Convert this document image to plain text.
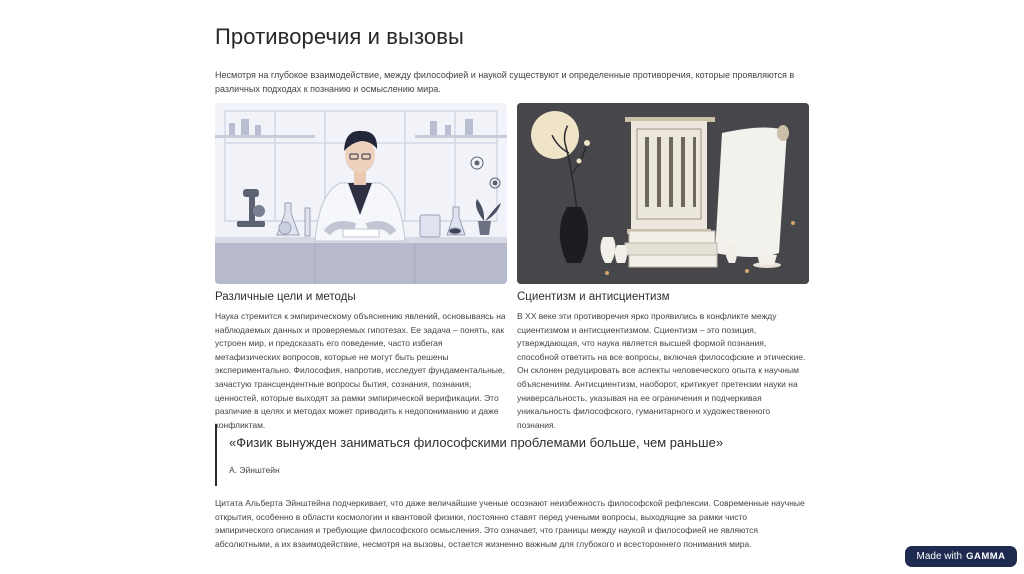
Противоречия и вызовы

Несмотря на глубокое взаимодействие, между философией и наукой существуют и определенные противоречия, которые проявляются в различных подходах к познанию и осмыслению мира.

Различные цели и методы

Наука стремится к эмпирическому объяснению явлений, основываясь на наблюдаемых данных и проверяемых гипотезах. Ее задача – понять, как устроен мир, и предсказать его поведение, часто избегая метафизических вопросов, которые не могут быть решены экспериментально. Философия, напротив, исследует фундаментальные, зачастую трансцендентные вопросы бытия, сознания, познания, ценностей, которые выходят за рамки эмпирической верификации. Это различие в целях и методах может приводить к недопониманию и даже конфликтам.

Сциентизм и антисциентизм

В XX веке эти противоречия ярко проявились в конфликте между сциентизмом и антисциентизмом. Сциентизм – это позиция, утверждающая, что наука является высшей формой познания, способной ответить на все вопросы, включая философские и этические. Он склонен редуцировать все аспекты человеческого опыта к научным объяснениям. Антисциентизм, наоборот, критикует претензии науки на универсальность, указывая на ее ограничения и подчеркивая уникальность философского, гуманитарного и художественного познания.

«Физик вынужден заниматься философскими проблемами больше, чем раньше»
А. Эйнштейн

Цитата Альберта Эйнштейна подчеркивает, что даже величайшие ученые осознают неизбежность философской рефлексии. Современные научные открытия, особенно в области космологии и квантовой физики, постоянно ставят перед учеными вопросы, выходящие за рамки чисто эмпирического описания и требующие философского осмысления. Это означает, что границы между наукой и философией не являются абсолютными, а их взаимодействие, несмотря на вызовы, остается жизненно важным для глубокого и всестороннего понимания мира.

Made with GAMMA
